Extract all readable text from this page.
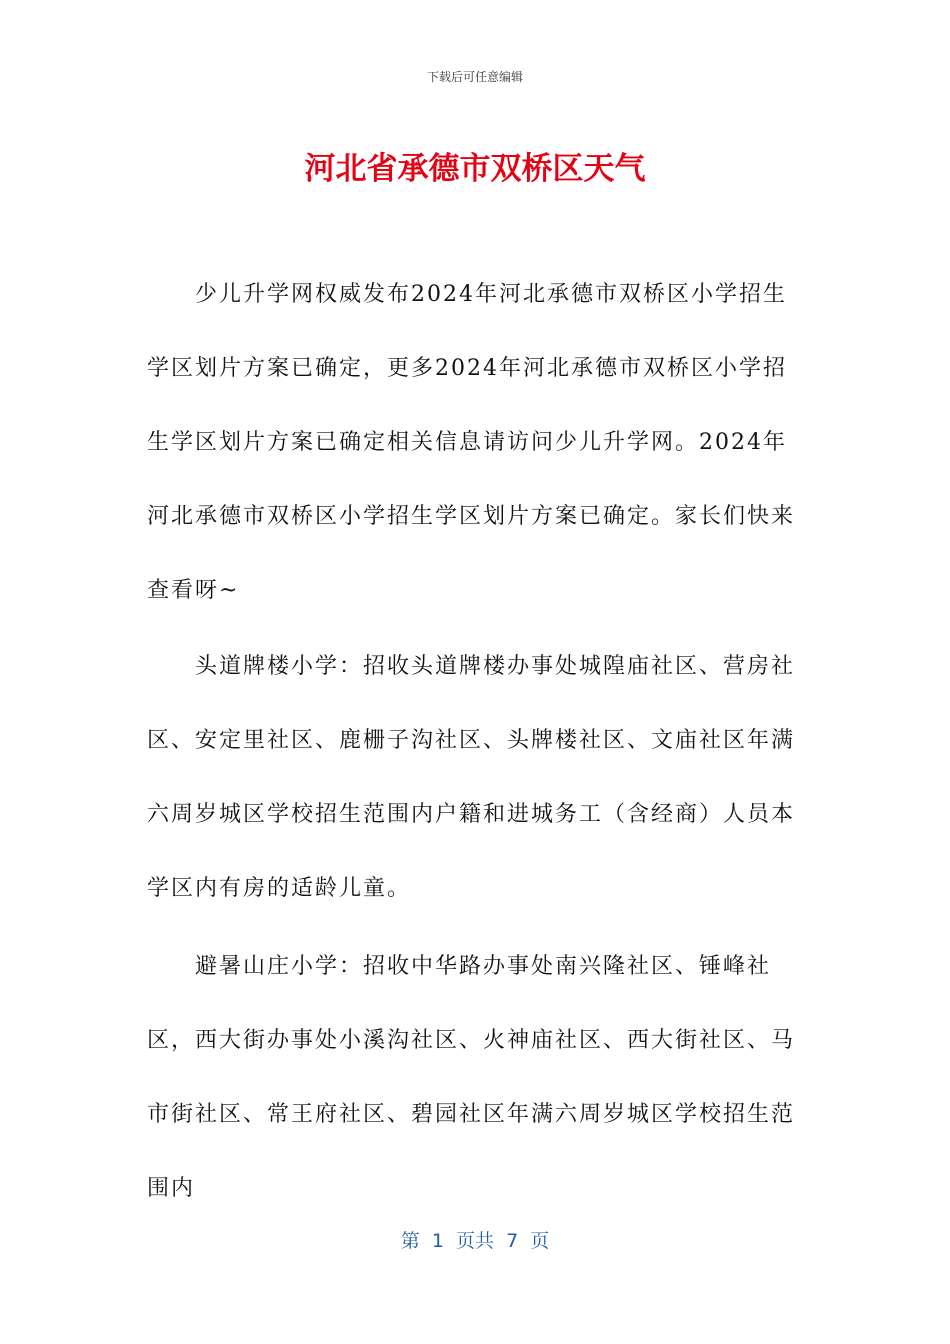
下载后可任意编辑
河北省承德市双桥区天气

少儿升学网权威发布2024年河北承德市双桥区小学招生学区划片方案已确定，更多2024年河北承德市双桥区小学招生学区划片方案已确定相关信息请访问少儿升学网。2024年河北承德市双桥区小学招生学区划片方案已确定。家长们快来查看呀~

头道牌楼小学：招收头道牌楼办事处城隍庙社区、营房社区、安定里社区、鹿栅子沟社区、头牌楼社区、文庙社区年满六周岁城区学校招生范围内户籍和进城务工（含经商）人员本学区内有房的适龄儿童。

避暑山庄小学：招收中华路办事处南兴隆社区、锤峰社区，西大街办事处小溪沟社区、火神庙社区、西大街社区、马市街社区、常王府社区、碧园社区年满六周岁城区学校招生范围内

第  1  页共  7  页
